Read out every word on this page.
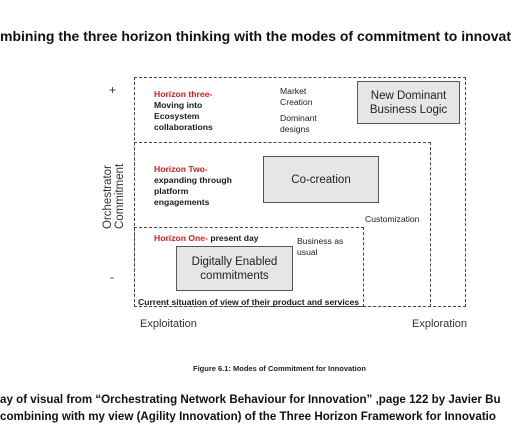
mbining the three horizon thinking with the modes of commitment to innovat
+
-
Orchestrator Commitment
New Dominant
Business Logic
Co-creation
Digitally Enabled
commitments
Horizon three-
Moving into
Ecosystem
collaborations
Market
Creation
Dominant
designs
Horizon Two-
expanding through
platform
engagements
Customization
Horizon One- present day	Business as
usual
Current situation of view of their product and services
Exploitation	Exploration
Figure 6.1: Modes of Commitment for Innovation
ay of visual from “Orchestrating Network Behaviour for Innovation” ,page 122 by Javier Bu
combining with my view (Agility Innovation) of the Three Horizon Framework for Innovatio
